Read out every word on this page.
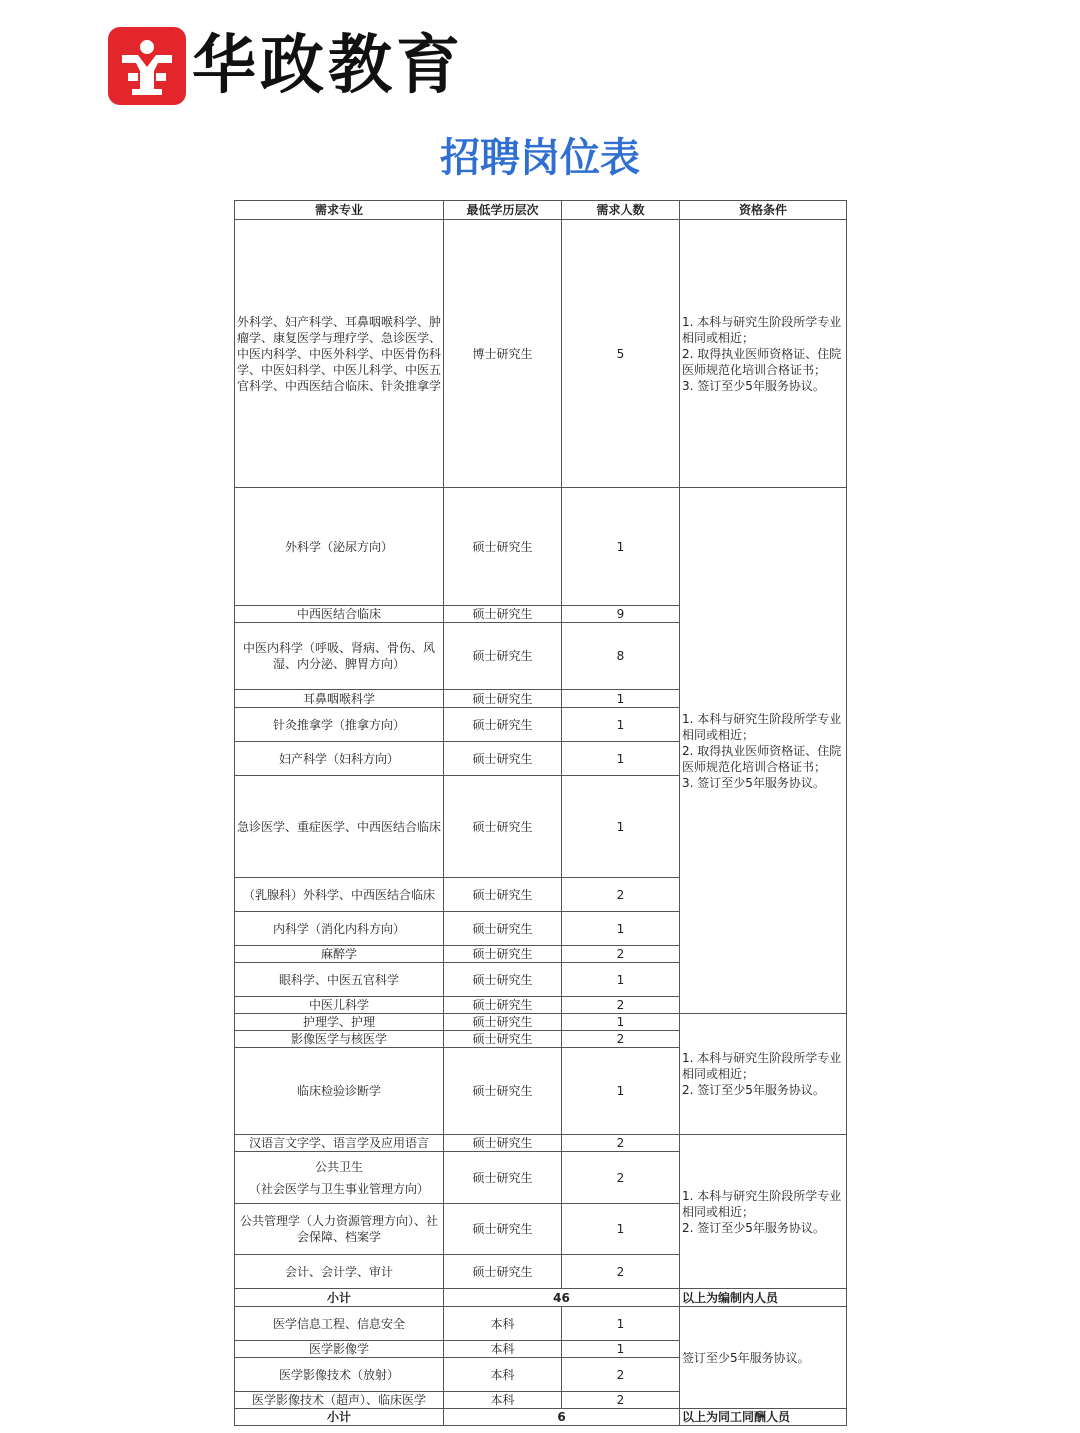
华政教育
招聘岗位表
需求专业	最低学历层次	需求人数	资格条件
外科学、妇产科学、耳鼻咽喉科学、肿瘤学、康复医学与理疗学、急诊医学、中医内科学、中医外科学、中医骨伤科学、中医妇科学、中医儿科学、中医五官科学、中西医结合临床、针灸推拿学	博士研究生	5	1. 本科与研究生阶段所学专业相同或相近；
2. 取得执业医师资格证、住院医师规范化培训合格证书；
3. 签订至少5年服务协议。

外科学（泌尿方向）	硕士研究生	1	1. 本科与研究生阶段所学专业相同或相近；
2. 取得执业医师资格证、住院医师规范化培训合格证书；
3. 签订至少5年服务协议。

中西医结合临床	硕士研究生	9	
中医内科学（呼吸、肾病、骨伤、风湿、内分泌、脾胃方向）	硕士研究生	8	
耳鼻咽喉科学	硕士研究生	1	
针灸推拿学（推拿方向）	硕士研究生	1	
妇产科学（妇科方向）	硕士研究生	1	
急诊医学、重症医学、中西医结合临床	硕士研究生	1	
（乳腺科）外科学、中西医结合临床	硕士研究生	2	
内科学（消化内科方向）	硕士研究生	1	
麻醉学	硕士研究生	2	
眼科学、中医五官科学	硕士研究生	1	
中医儿科学	硕士研究生	2	
护理学、护理	硕士研究生	1	1. 本科与研究生阶段所学专业相同或相近；
2. 签订至少5年服务协议。

影像医学与核医学	硕士研究生	2	
临床检验诊断学	硕士研究生	1	
汉语言文字学、语言学及应用语言	硕士研究生	2	1. 本科与研究生阶段所学专业相同或相近；
2. 签订至少5年服务协议。

公共卫生
（社会医学与卫生事业管理方向）	硕士研究生	2	
公共管理学（人力资源管理方向）、社会保障、档案学	硕士研究生	1	
会计、会计学、审计	硕士研究生	2	
小计	46		以上为编制内人员
医学信息工程、信息安全	本科	1	签订至少5年服务协议。

医学影像学	本科	1	
医学影像技术（放射）	本科	2	
医学影像技术（超声）、临床医学	本科	2	
小计	6		以上为同工同酬人员
